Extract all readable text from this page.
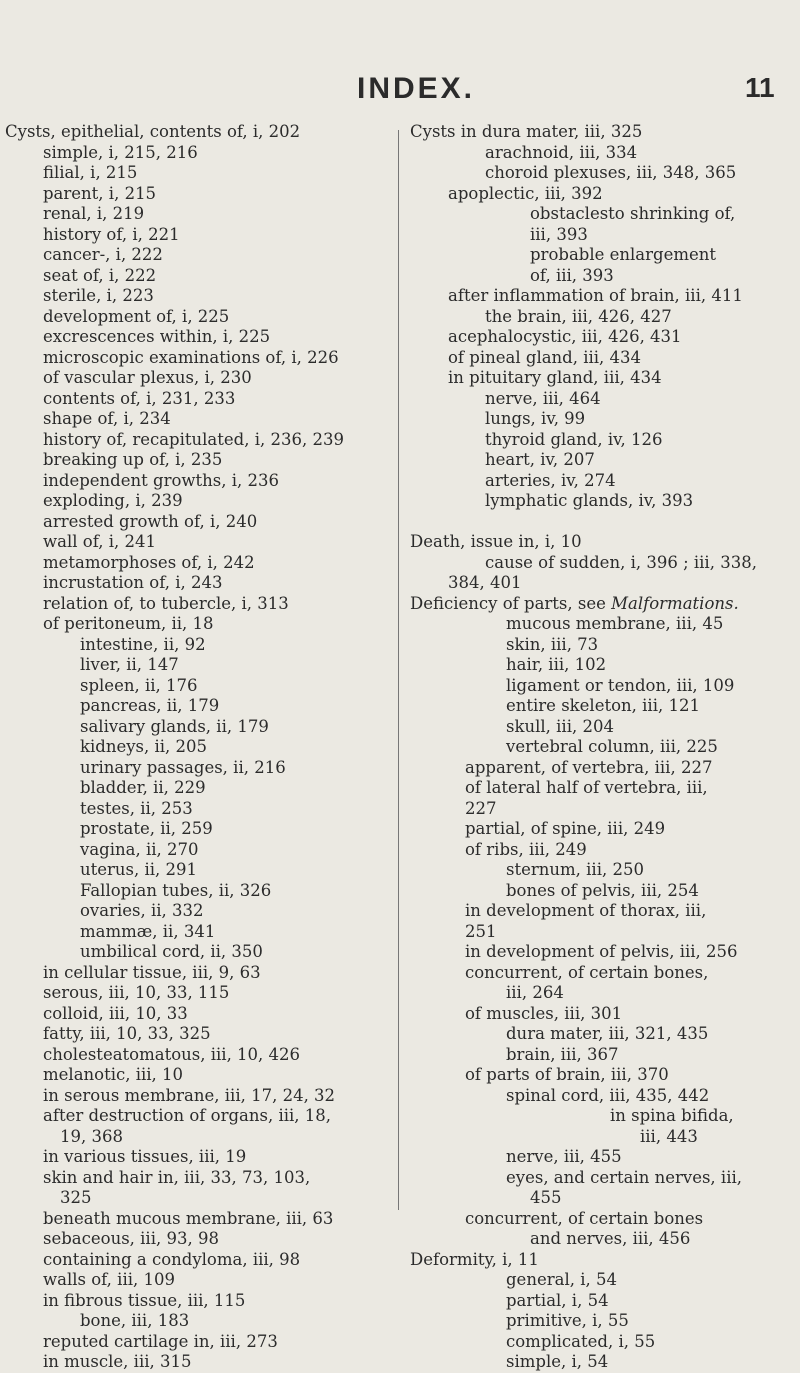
INDEX.	11
Cysts, epithelial, contents of, i, 202
simple, i, 215, 216
filial, i, 215
parent, i, 215
renal, i, 219
history of, i, 221
cancer-, i, 222
seat of, i, 222
sterile, i, 223
development of, i, 225
excrescences within, i, 225
microscopic examinations of, i, 226
of vascular plexus, i, 230
contents of, i, 231, 233
shape of, i, 234
history of, recapitulated, i, 236, 239
breaking up of, i, 235
independent growths, i, 236
exploding, i, 239
arrested growth of, i, 240
wall of, i, 241
metamorphoses of, i, 242
incrustation of, i, 243
relation of, to tubercle, i, 313
of peritoneum, ii, 18
intestine, ii, 92
liver, ii, 147
spleen, ii, 176
pancreas, ii, 179
salivary glands, ii, 179
kidneys, ii, 205
urinary passages, ii, 216
bladder, ii, 229
testes, ii, 253
prostate, ii, 259
vagina, ii, 270
uterus, ii, 291
Fallopian tubes, ii, 326
ovaries, ii, 332
mammæ, ii, 341
umbilical cord, ii, 350
in cellular tissue, iii, 9, 63
serous, iii, 10, 33, 115
colloid, iii, 10, 33
fatty, iii, 10, 33, 325
cholesteatomatous, iii, 10, 426
melanotic, iii, 10
in serous membrane, iii, 17, 24, 32
after destruction of organs, iii, 18,
19, 368
in various tissues, iii, 19
skin and hair in, iii, 33, 73, 103,
325
beneath mucous membrane, iii, 63
sebaceous, iii, 93, 98
containing a condyloma, iii, 98
walls of, iii, 109
in fibrous tissue, iii, 115
bone, iii, 183
reputed cartilage in, iii, 273
in muscle, iii, 315
Cysts in dura mater, iii, 325
arachnoid, iii, 334
choroid plexuses, iii, 348, 365
apoplectic, iii, 392
obstaclesto shrinking of,
iii, 393
probable enlargement
of, iii, 393
after inflammation of brain, iii, 411
the brain, iii, 426, 427
acephalocystic, iii, 426, 431
of pineal gland, iii, 434
in pituitary gland, iii, 434
nerve, iii, 464
lungs, iv, 99
thyroid gland, iv, 126
heart, iv, 207
arteries, iv, 274
lymphatic glands, iv, 393
Death, issue in, i, 10
cause of sudden, i, 396 ; iii, 338,
384, 401
Deficiency of parts, see Malformations.
mucous membrane, iii, 45
skin, iii, 73
hair, iii, 102
ligament or tendon, iii, 109
entire skeleton, iii, 121
skull, iii, 204
vertebral column, iii, 225
apparent, of vertebra, iii, 227
of lateral half of vertebra, iii,
227
partial, of spine, iii, 249
of ribs, iii, 249
sternum, iii, 250
bones of pelvis, iii, 254
in development of thorax, iii,
251
in development of pelvis, iii, 256
concurrent, of certain bones,
iii, 264
of muscles, iii, 301
dura mater, iii, 321, 435
brain, iii, 367
of parts of brain, iii, 370
spinal cord, iii, 435, 442
in spina bifida,
iii, 443
nerve, iii, 455
eyes, and certain nerves, iii,
455
concurrent, of certain bones
and nerves, iii, 456
Deformity, i, 11
general, i, 54
partial, i, 54
primitive, i, 55
complicated, i, 55
simple, i, 54
